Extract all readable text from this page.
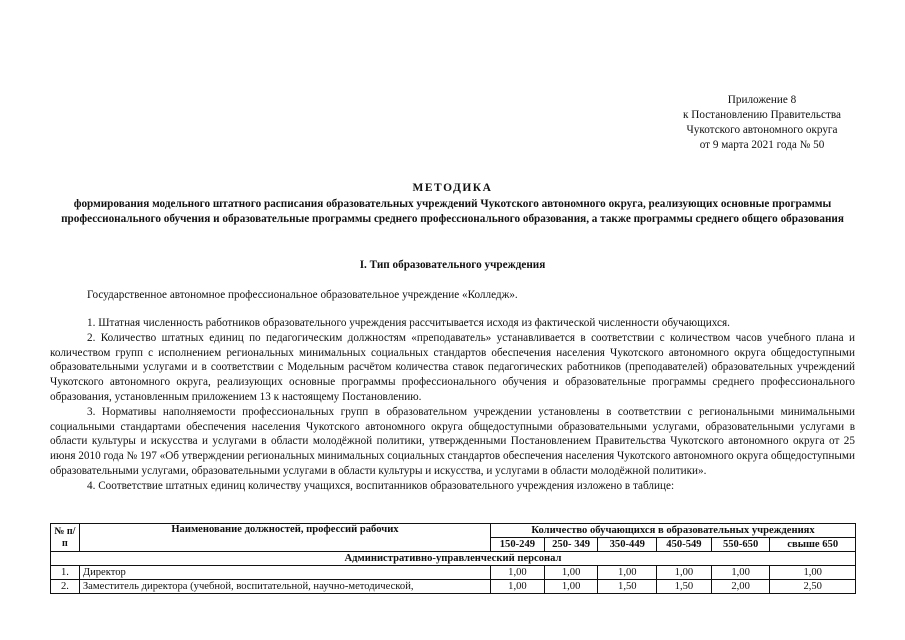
Приложение 8
к Постановлению Правительства
Чукотского автономного округа
от 9 марта 2021 года № 50
МЕТОДИКА
формирования модельного штатного расписания образовательных учреждений Чукотского автономного округа, реализующих основные программы профессионального обучения и образовательные программы среднего профессионального образования, а также программы среднего общего образования
I. Тип образовательного учреждения
Государственное автономное профессиональное образовательное учреждение «Колледж».

1. Штатная численность работников образовательного учреждения рассчитывается исходя из фактической численности обучающихся.

2. Количество штатных единиц по педагогическим должностям «преподаватель» устанавливается в соответствии с количеством часов учебного плана и количеством групп с исполнением региональных минимальных социальных стандартов обеспечения населения Чукотского автономного округа общедоступными образовательными услугами и в соответствии с Модельным расчётом количества ставок педагогических работников (преподавателей) образовательных учреждений Чукотского автономного округа, реализующих основные программы профессионального обучения и образовательные программы среднего профессионального образования, установленным приложением 13 к настоящему Постановлению.

3. Нормативы наполняемости профессиональных групп в образовательном учреждении установлены в соответствии с региональными минимальными социальными стандартами обеспечения населения Чукотского автономного округа общедоступными образовательными услугами, образовательными услугами в области культуры и искусства и услугами в области молодёжной политики, утвержденными Постановлением Правительства Чукотского автономного округа от 25 июня 2010 года № 197 «Об утверждении региональных минимальных социальных стандартов обеспечения населения Чукотского автономного округа общедоступными образовательными услугами, образовательными услугами в области культуры и искусства, и услугами в области молодёжной политики».

4. Соответствие штатных единиц количеству учащихся, воспитанников образовательного учреждения изложено в таблице:

№ п/п	Наименование должностей, профессий рабочих	Количество обучающихся в образовательных учреждениях					
		150-249	250- 349	350-449	450-549	550-650	свыше 650
Административно-управленческий персонал							
1.	Директор	1,00	1,00	1,00	1,00	1,00	1,00
2.	Заместитель директора (учебной, воспитательной, научно-методической,	1,00	1,00	1,50	1,50	2,00	2,50
